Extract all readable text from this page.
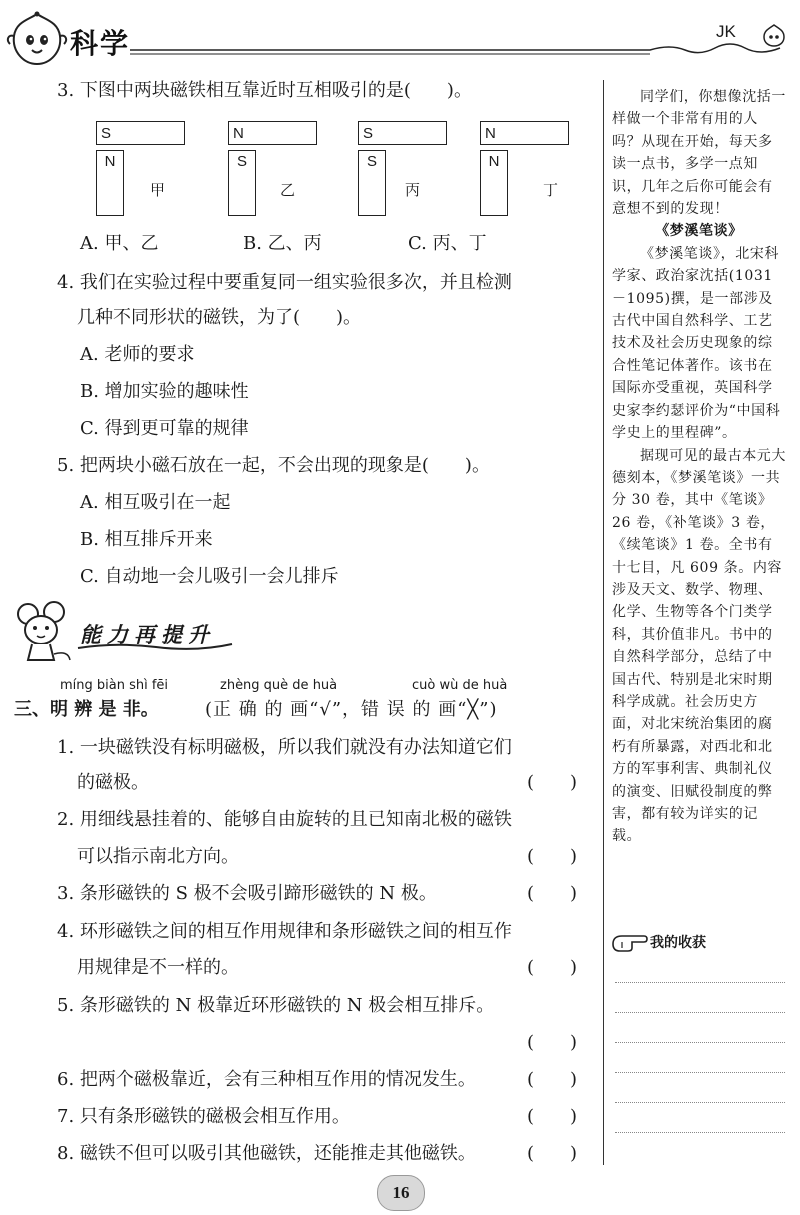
科学	JK
3. 下图中两块磁铁相互靠近时互相吸引的是(　　)。
S
N
甲
N
S
乙
S
S
丙
N
N
丁
A. 甲、乙	B. 乙、丙	C. 丙、丁
4. 我们在实验过程中要重复同一组实验很多次，并且检测
几种不同形状的磁铁，为了(　　)。
A. 老师的要求
B. 增加实验的趣味性
C. 得到更可靠的规律
5. 把两块小磁石放在一起，不会出现的现象是(　　)。
A. 相互吸引在一起
B. 相互排斥开来
C. 自动地一会儿吸引一会儿排斥
能力再提升
míng biàn shì fēi	zhèng què de huà	cuò wù de huà
三、明 辨 是 非。	(正 确 的 画“√”，错 误 的 画“╳”)
1. 一块磁铁没有标明磁极，所以我们就没有办法知道它们
的磁极。	(　　)
2. 用细线悬挂着的、能够自由旋转的且已知南北极的磁铁
可以指示南北方向。	(　　)
3. 条形磁铁的 S 极不会吸引蹄形磁铁的 N 极。	(　　)
4. 环形磁铁之间的相互作用规律和条形磁铁之间的相互作
用规律是不一样的。	(　　)
5. 条形磁铁的 N 极靠近环形磁铁的 N 极会相互排斥。
(　　)
6. 把两个磁极靠近，会有三种相互作用的情况发生。	(　　)
7. 只有条形磁铁的磁极会相互作用。	(　　)
8. 磁铁不但可以吸引其他磁铁，还能推走其他磁铁。	(　　)

同学们，你想像沈括一样做一个非常有用的人吗？从现在开始，每天多读一点书，多学一点知识，几年之后你可能会有意想不到的发现！

《梦溪笔谈》

《梦溪笔谈》，北宋科学家、政治家沈括(1031－1095)撰，是一部涉及古代中国自然科学、工艺技术及社会历史现象的综合性笔记体著作。该书在国际亦受重视，英国科学史家李约瑟评价为“中国科学史上的里程碑”。

据现可见的最古本元大德刻本，《梦溪笔谈》一共分 30 卷，其中《笔谈》26 卷，《补笔谈》3 卷，《续笔谈》1 卷。全书有十七目，凡 609 条。内容涉及天文、数学、物理、化学、生物等各个门类学科，其价值非凡。书中的自然科学部分，总结了中国古代、特别是北宋时期科学成就。社会历史方面，对北宋统治集团的腐朽有所暴露，对西北和北方的军事利害、典制礼仪的演变、旧赋役制度的弊害，都有较为详实的记载。

我的收获
16
